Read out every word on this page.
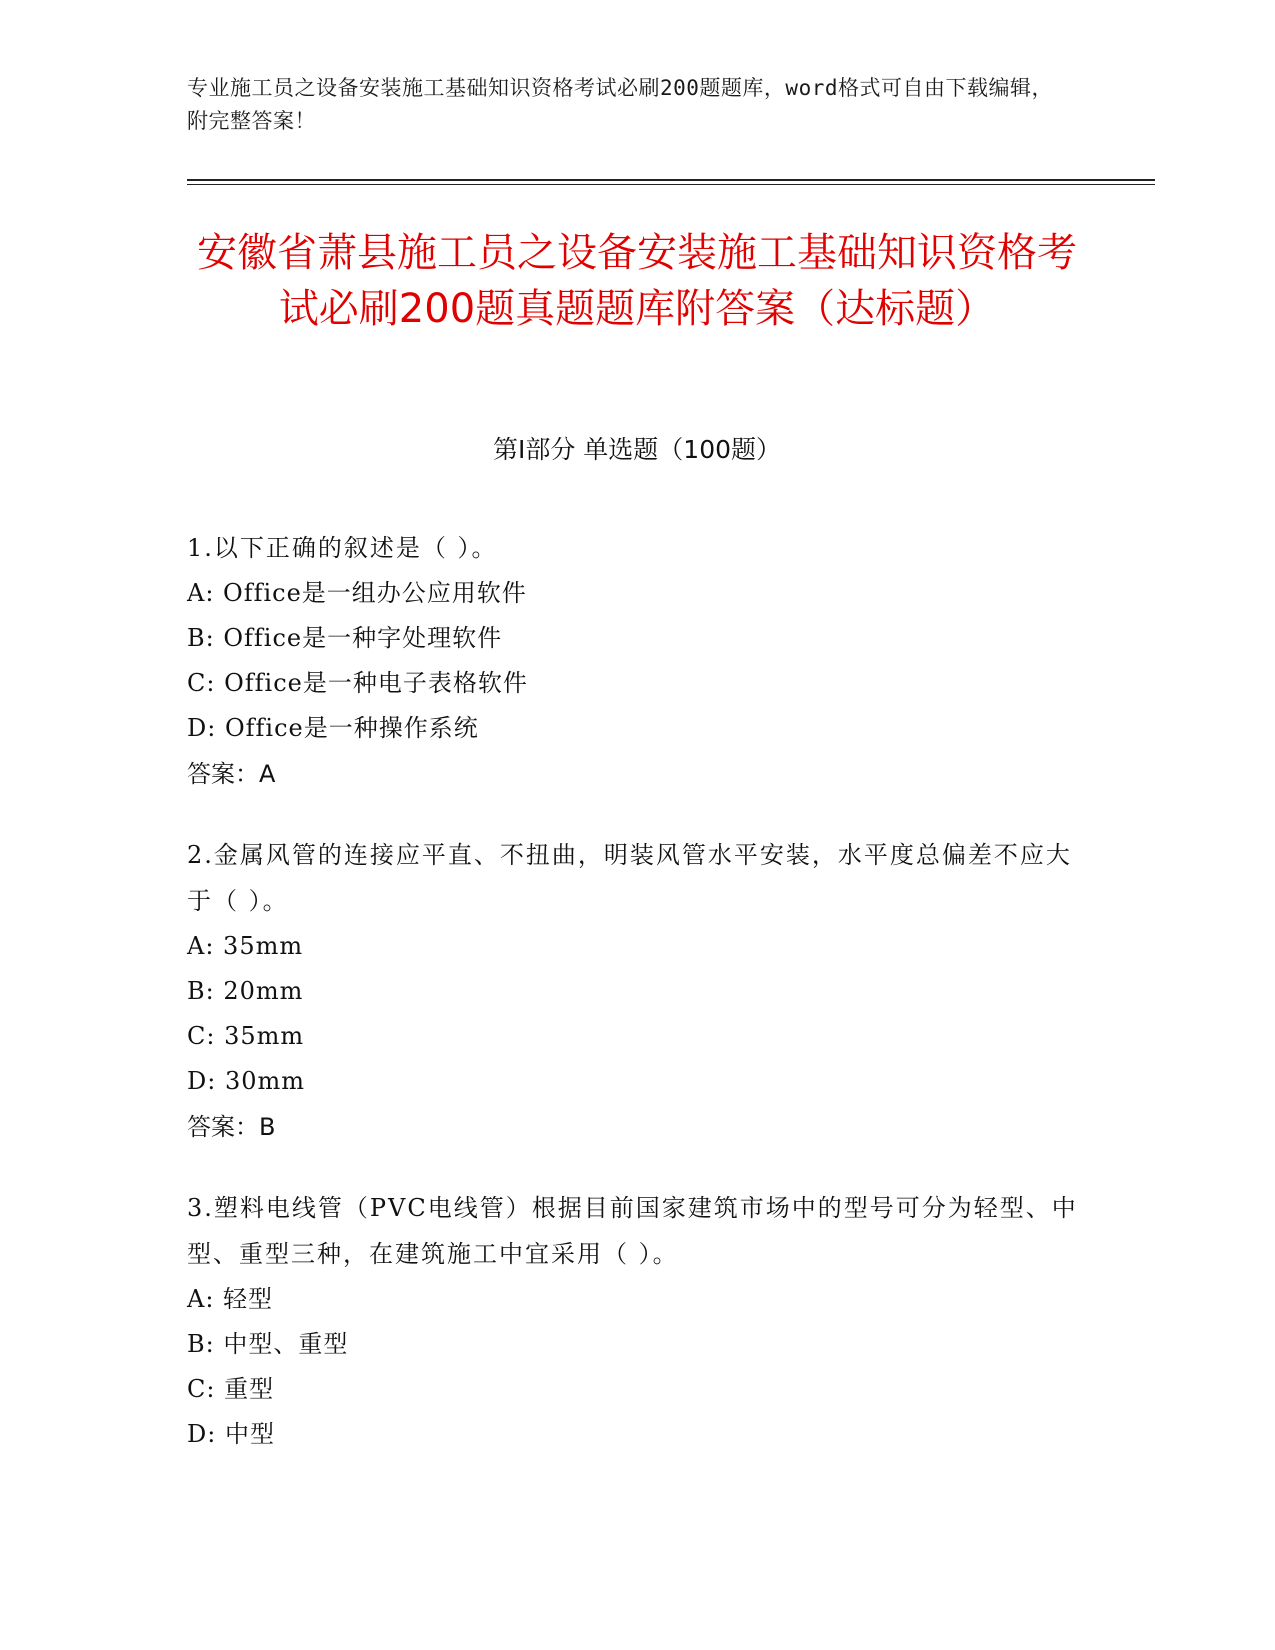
专业施工员之设备安装施工基础知识资格考试必刷200题题库，word格式可自由下载编辑，附完整答案！
安徽省萧县施工员之设备安装施工基础知识资格考试必刷200题真题题库附答案（达标题）
第Ⅰ部分 单选题（100题）

1.以下正确的叙述是（ ）。

A: Office是一组办公应用软件

B: Office是一种字处理软件

C: Office是一种电子表格软件

D: Office是一种操作系统

答案：A

2.金属风管的连接应平直、不扭曲，明装风管水平安装，水平度总偏差不应大于（ ）。

A: 35mm

B: 20mm

C: 35mm

D: 30mm

答案：B

3.塑料电线管（PVC电线管）根据目前国家建筑市场中的型号可分为轻型、中型、重型三种，在建筑施工中宜采用（ ）。

A: 轻型

B: 中型、重型

C: 重型

D: 中型
